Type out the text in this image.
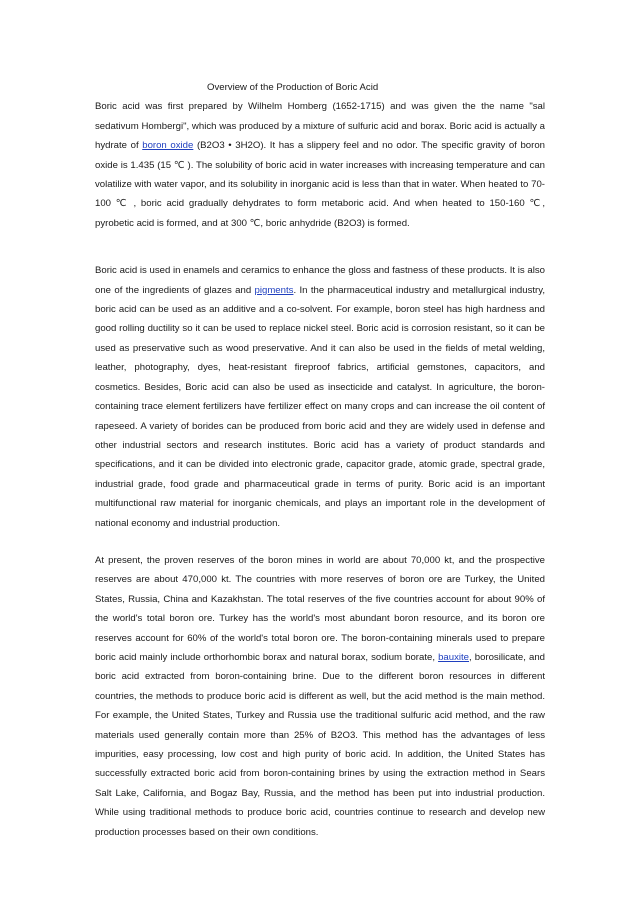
Overview of the Production of Boric Acid

Boric acid was first prepared by Wilhelm Homberg (1652-1715) and was given the the name "sal sedativum Hombergi", which was produced by a mixture of sulfuric acid and borax. Boric acid is actually a hydrate of boron oxide (B2O3 • 3H2O). It has a slippery feel and no odor. The specific gravity of boron oxide is 1.435 (15 ℃ ). The solubility of boric acid in water increases with increasing temperature and can volatilize with water vapor, and its solubility in inorganic acid is less than that in water. When heated to 70-100 ℃ , boric acid gradually dehydrates to form metaboric acid. And when heated to 150-160 ℃, pyrobetic acid is formed, and at 300 ℃, boric anhydride (B2O3) is formed.

Boric acid is used in enamels and ceramics to enhance the gloss and fastness of these products. It is also one of the ingredients of glazes and pigments. In the pharmaceutical industry and metallurgical industry, boric acid can be used as an additive and a co-solvent. For example, boron steel has high hardness and good rolling ductility so it can be used to replace nickel steel. Boric acid is corrosion resistant, so it can be used as preservative such as wood preservative. And it can also be used in the fields of metal welding, leather, photography, dyes, heat-resistant fireproof fabrics, artificial gemstones, capacitors, and cosmetics. Besides, Boric acid can also be used as insecticide and catalyst. In agriculture, the boron-containing trace element fertilizers have fertilizer effect on many crops and can increase the oil content of rapeseed. A variety of borides can be produced from boric acid and they are widely used in defense and other industrial sectors and research institutes. Boric acid has a variety of product standards and specifications, and it can be divided into electronic grade, capacitor grade, atomic grade, spectral grade, industrial grade, food grade and pharmaceutical grade in terms of purity. Boric acid is an important multifunctional raw material for inorganic chemicals, and plays an important role in the development of national economy and industrial production.

At present, the proven reserves of the boron mines in world are about 70,000 kt, and the prospective reserves are about 470,000 kt. The countries with more reserves of boron ore are Turkey, the United States, Russia, China and Kazakhstan. The total reserves of the five countries account for about 90% of the world's total boron ore. Turkey has the world's most abundant boron resource, and its boron ore reserves account for 60% of the world's total boron ore. The boron-containing minerals used to prepare boric acid mainly include orthorhombic borax and natural borax, sodium borate, bauxite, borosilicate, and boric acid extracted from boron-containing brine. Due to the different boron resources in different countries, the methods to produce boric acid is different as well, but the acid method is the main method. For example, the United States, Turkey and Russia use the traditional sulfuric acid method, and the raw materials used generally contain more than 25% of B2O3. This method has the advantages of less impurities, easy processing, low cost and high purity of boric acid. In addition, the United States has successfully extracted boric acid from boron-containing brines by using the extraction method in Sears Salt Lake, California, and Bogaz Bay, Russia, and the method has been put into industrial production. While using traditional methods to produce boric acid, countries continue to research and develop new production processes based on their own conditions.
